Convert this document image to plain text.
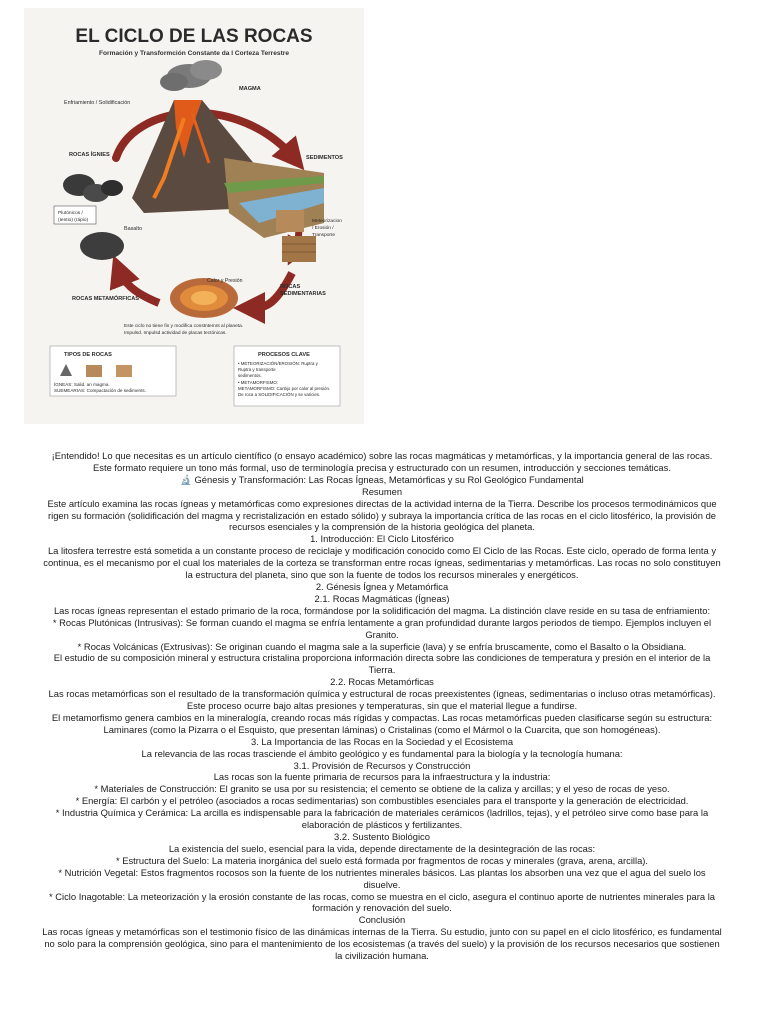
EL CICLO DE LAS ROCAS
Formación y Transformción Constante da l Corteza Terrestre
Enfriamiento / Solidificación
MAGMA
ROCAS ÍGNIES	SEDIMENTOS
Plutónicos /
(Ientio) (rápio)
Basalto
Meteorizacion
/ Erosión /
Transporte
Calor y Presión
ROCAS
SEDIMENTARIAS
ROCAS METAMÓRFICAS
Este ciclo no tiene fin y modifica constntemnt al planeta.
Impulsd. Impulsd actividad de placas tectónicas.
TIPOS DE ROCAS
ÍGNEAS: Salid. an magma.
SUEMEARIAS: Compactación de sediments.
PROCESOS CLAVE
• METEORIZACIÓN/EROSIÓN: Ruptra y
Ruptra y transporte
sedimentos.
• METAMORFISMO:
METAMORFISMO: Canbjo por calor al presión.
De roca a SOLIDIFICACIÓN y se varicies.

¡Entendido! Lo que necesitas es un artículo científico (o ensayo académico) sobre las rocas magmáticas y metamórficas, y la importancia general de las rocas.

Este formato requiere un tono más formal, uso de terminología precisa y estructurado con un resumen, introducción y secciones temáticas.

🔬 Génesis y Transformación: Las Rocas Ígneas, Metamórficas y su Rol Geológico Fundamental

Resumen

Este artículo examina las rocas ígneas y metamórficas como expresiones directas de la actividad interna de la Tierra. Describe los procesos termodinámicos que rigen su formación (solidificación del magma y recristalización en estado sólido) y subraya la importancia crítica de las rocas en el ciclo litosférico, la provisión de recursos esenciales y la comprensión de la historia geológica del planeta.

1. Introducción: El Ciclo Litosférico

La litosfera terrestre está sometida a un constante proceso de reciclaje y modificación conocido como El Ciclo de las Rocas. Este ciclo, operado de forma lenta y continua, es el mecanismo por el cual los materiales de la corteza se transforman entre rocas ígneas, sedimentarias y metamórficas. Las rocas no solo constituyen la estructura del planeta, sino que son la fuente de todos los recursos minerales y energéticos.

2. Génesis Ígnea y Metamórfica

2.1. Rocas Magmáticas (Ígneas)

Las rocas ígneas representan el estado primario de la roca, formándose por la solidificación del magma. La distinción clave reside en su tasa de enfriamiento:

* Rocas Plutónicas (Intrusivas): Se forman cuando el magma se enfría lentamente a gran profundidad durante largos periodos de tiempo. Ejemplos incluyen el Granito.

* Rocas Volcánicas (Extrusivas): Se originan cuando el magma sale a la superficie (lava) y se enfría bruscamente, como el Basalto o la Obsidiana.

El estudio de su composición mineral y estructura cristalina proporciona información directa sobre las condiciones de temperatura y presión en el interior de la Tierra.

2.2. Rocas Metamórficas

Las rocas metamórficas son el resultado de la transformación química y estructural de rocas preexistentes (ígneas, sedimentarias o incluso otras metamórficas). Este proceso ocurre bajo altas presiones y temperaturas, sin que el material llegue a fundirse.

El metamorfismo genera cambios en la mineralogía, creando rocas más rígidas y compactas. Las rocas metamórficas pueden clasificarse según su estructura: Laminares (como la Pizarra o el Esquisto, que presentan láminas) o Cristalinas (como el Mármol o la Cuarcita, que son homogéneas).

3. La Importancia de las Rocas en la Sociedad y el Ecosistema

La relevancia de las rocas trasciende el ámbito geológico y es fundamental para la biología y la tecnología humana:

3.1. Provisión de Recursos y Construcción

Las rocas son la fuente primaria de recursos para la infraestructura y la industria:

* Materiales de Construcción: El granito se usa por su resistencia; el cemento se obtiene de la caliza y arcillas; y el yeso de rocas de yeso.

* Energía: El carbón y el petróleo (asociados a rocas sedimentarias) son combustibles esenciales para el transporte y la generación de electricidad.

* Industria Química y Cerámica: La arcilla es indispensable para la fabricación de materiales cerámicos (ladrillos, tejas), y el petróleo sirve como base para la elaboración de plásticos y fertilizantes.

3.2. Sustento Biológico

La existencia del suelo, esencial para la vida, depende directamente de la desintegración de las rocas:

* Estructura del Suelo: La materia inorgánica del suelo está formada por fragmentos de rocas y minerales (grava, arena, arcilla).

* Nutrición Vegetal: Estos fragmentos rocosos son la fuente de los nutrientes minerales básicos. Las plantas los absorben una vez que el agua del suelo los disuelve.

* Ciclo Inagotable: La meteorización y la erosión constante de las rocas, como se muestra en el ciclo, asegura el continuo aporte de nutrientes minerales para la formación y renovación del suelo.

Conclusión

Las rocas ígneas y metamórficas son el testimonio físico de las dinámicas internas de la Tierra. Su estudio, junto con su papel en el ciclo litosférico, es fundamental no solo para la comprensión geológica, sino para el mantenimiento de los ecosistemas (a través del suelo) y la provisión de los recursos necesarios que sostienen la civilización humana.
